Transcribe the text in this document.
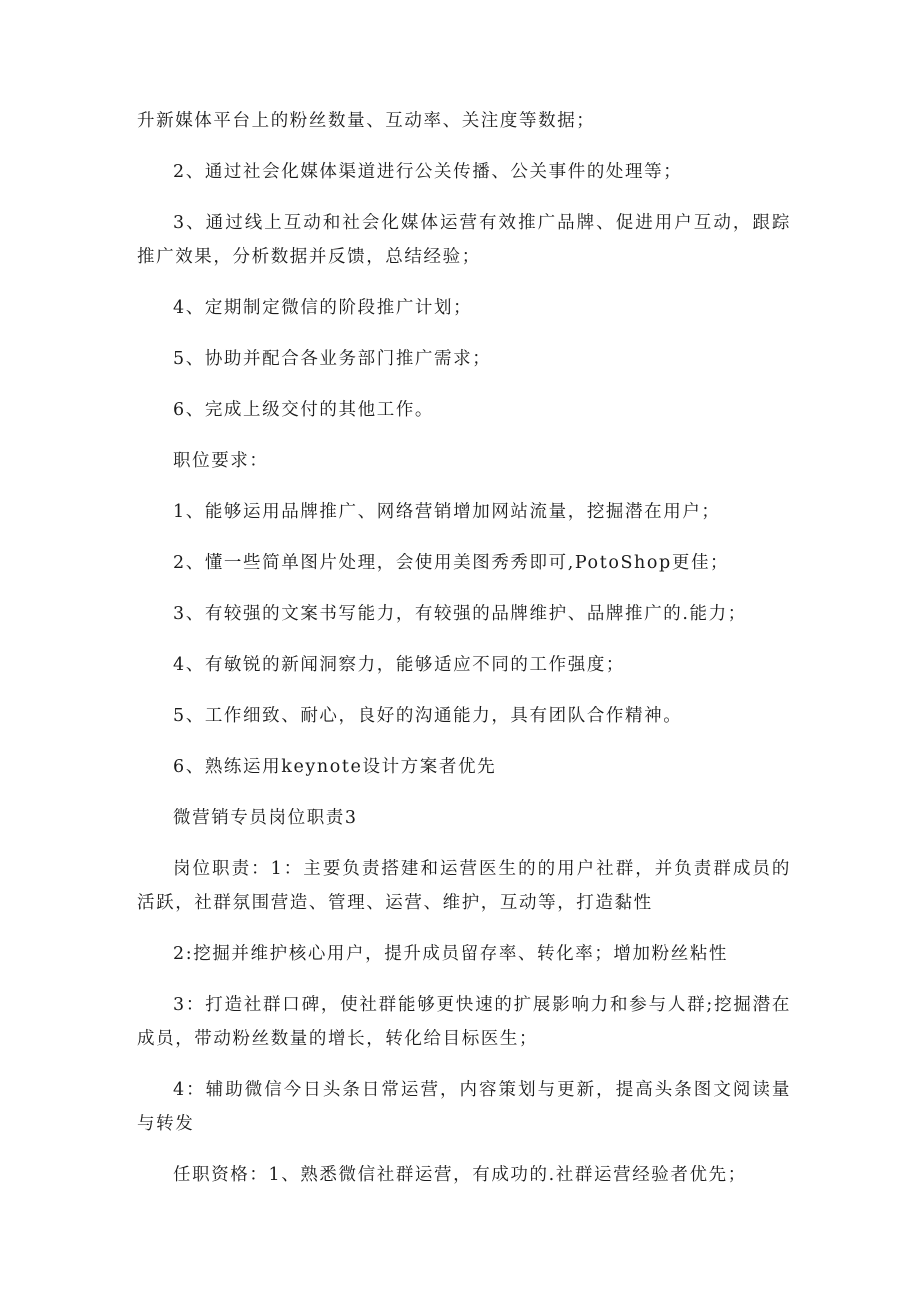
升新媒体平台上的粉丝数量、互动率、关注度等数据；

2、通过社会化媒体渠道进行公关传播、公关事件的处理等；

3、通过线上互动和社会化媒体运营有效推广品牌、促进用户互动，跟踪推广效果，分析数据并反馈，总结经验；

4、定期制定微信的阶段推广计划；

5、协助并配合各业务部门推广需求；

6、完成上级交付的其他工作。

职位要求：

1、能够运用品牌推广、网络营销增加网站流量，挖掘潜在用户；

2、懂一些简单图片处理，会使用美图秀秀即可,PotoShop更佳；

3、有较强的文案书写能力，有较强的品牌维护、品牌推广的.能力；

4、有敏锐的新闻洞察力，能够适应不同的工作强度；

5、工作细致、耐心，良好的沟通能力，具有团队合作精神。

6、熟练运用keynote设计方案者优先

微营销专员岗位职责3

岗位职责：1：主要负责搭建和运营医生的的用户社群，并负责群成员的活跃，社群氛围营造、管理、运营、维护，互动等，打造黏性

2:挖掘并维护核心用户，提升成员留存率、转化率；增加粉丝粘性

3：打造社群口碑，使社群能够更快速的扩展影响力和参与人群;挖掘潜在成员，带动粉丝数量的增长，转化给目标医生；

4：辅助微信今日头条日常运营，内容策划与更新，提高头条图文阅读量与转发

任职资格：1、熟悉微信社群运营，有成功的.社群运营经验者优先；
